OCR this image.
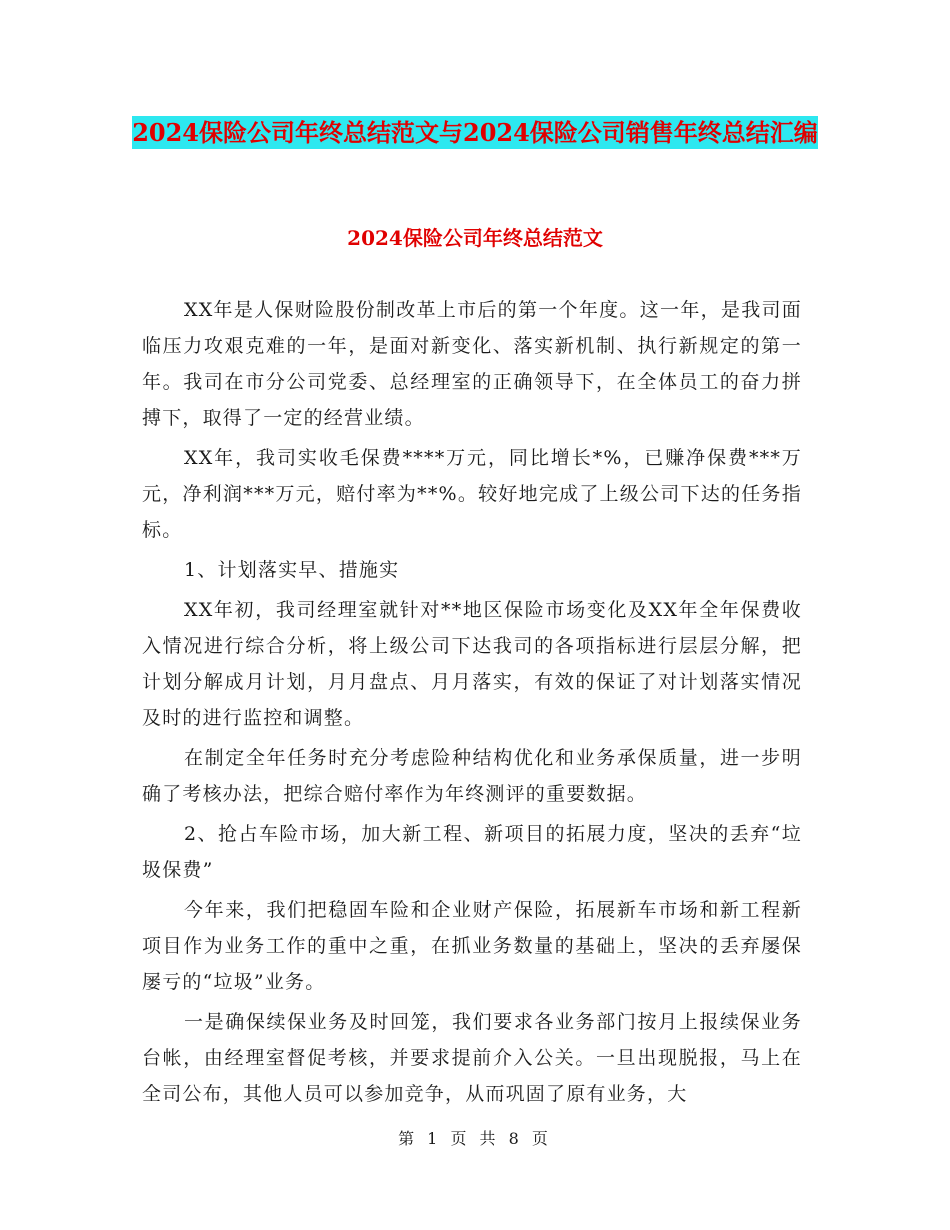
2024保险公司年终总结范文与2024保险公司销售年终总结汇编
2024保险公司年终总结范文

XX年是人保财险股份制改革上市后的第一个年度。这一年，是我司面临压力攻艰克难的一年，是面对新变化、落实新机制、执行新规定的第一年。我司在市分公司党委、总经理室的正确领导下，在全体员工的奋力拼搏下，取得了一定的经营业绩。

XX年，我司实收毛保费****万元，同比增长*%，已赚净保费***万元，净利润***万元，赔付率为**%。较好地完成了上级公司下达的任务指标。

1、计划落实早、措施实

XX年初，我司经理室就针对**地区保险市场变化及XX年全年保费收入情况进行综合分析，将上级公司下达我司的各项指标进行层层分解，把计划分解成月计划，月月盘点、月月落实，有效的保证了对计划落实情况及时的进行监控和调整。

在制定全年任务时充分考虑险种结构优化和业务承保质量，进一步明确了考核办法，把综合赔付率作为年终测评的重要数据。

2、抢占车险市场，加大新工程、新项目的拓展力度，坚决的丢弃“垃圾保费”

今年来，我们把稳固车险和企业财产保险，拓展新车市场和新工程新项目作为业务工作的重中之重，在抓业务数量的基础上，坚决的丢弃屡保屡亏的“垃圾”业务。

一是确保续保业务及时回笼，我们要求各业务部门按月上报续保业务台帐，由经理室督促考核，并要求提前介入公关。一旦出现脱报，马上在全司公布，其他人员可以参加竞争，从而巩固了原有业务，大

第 1 页 共 8 页
